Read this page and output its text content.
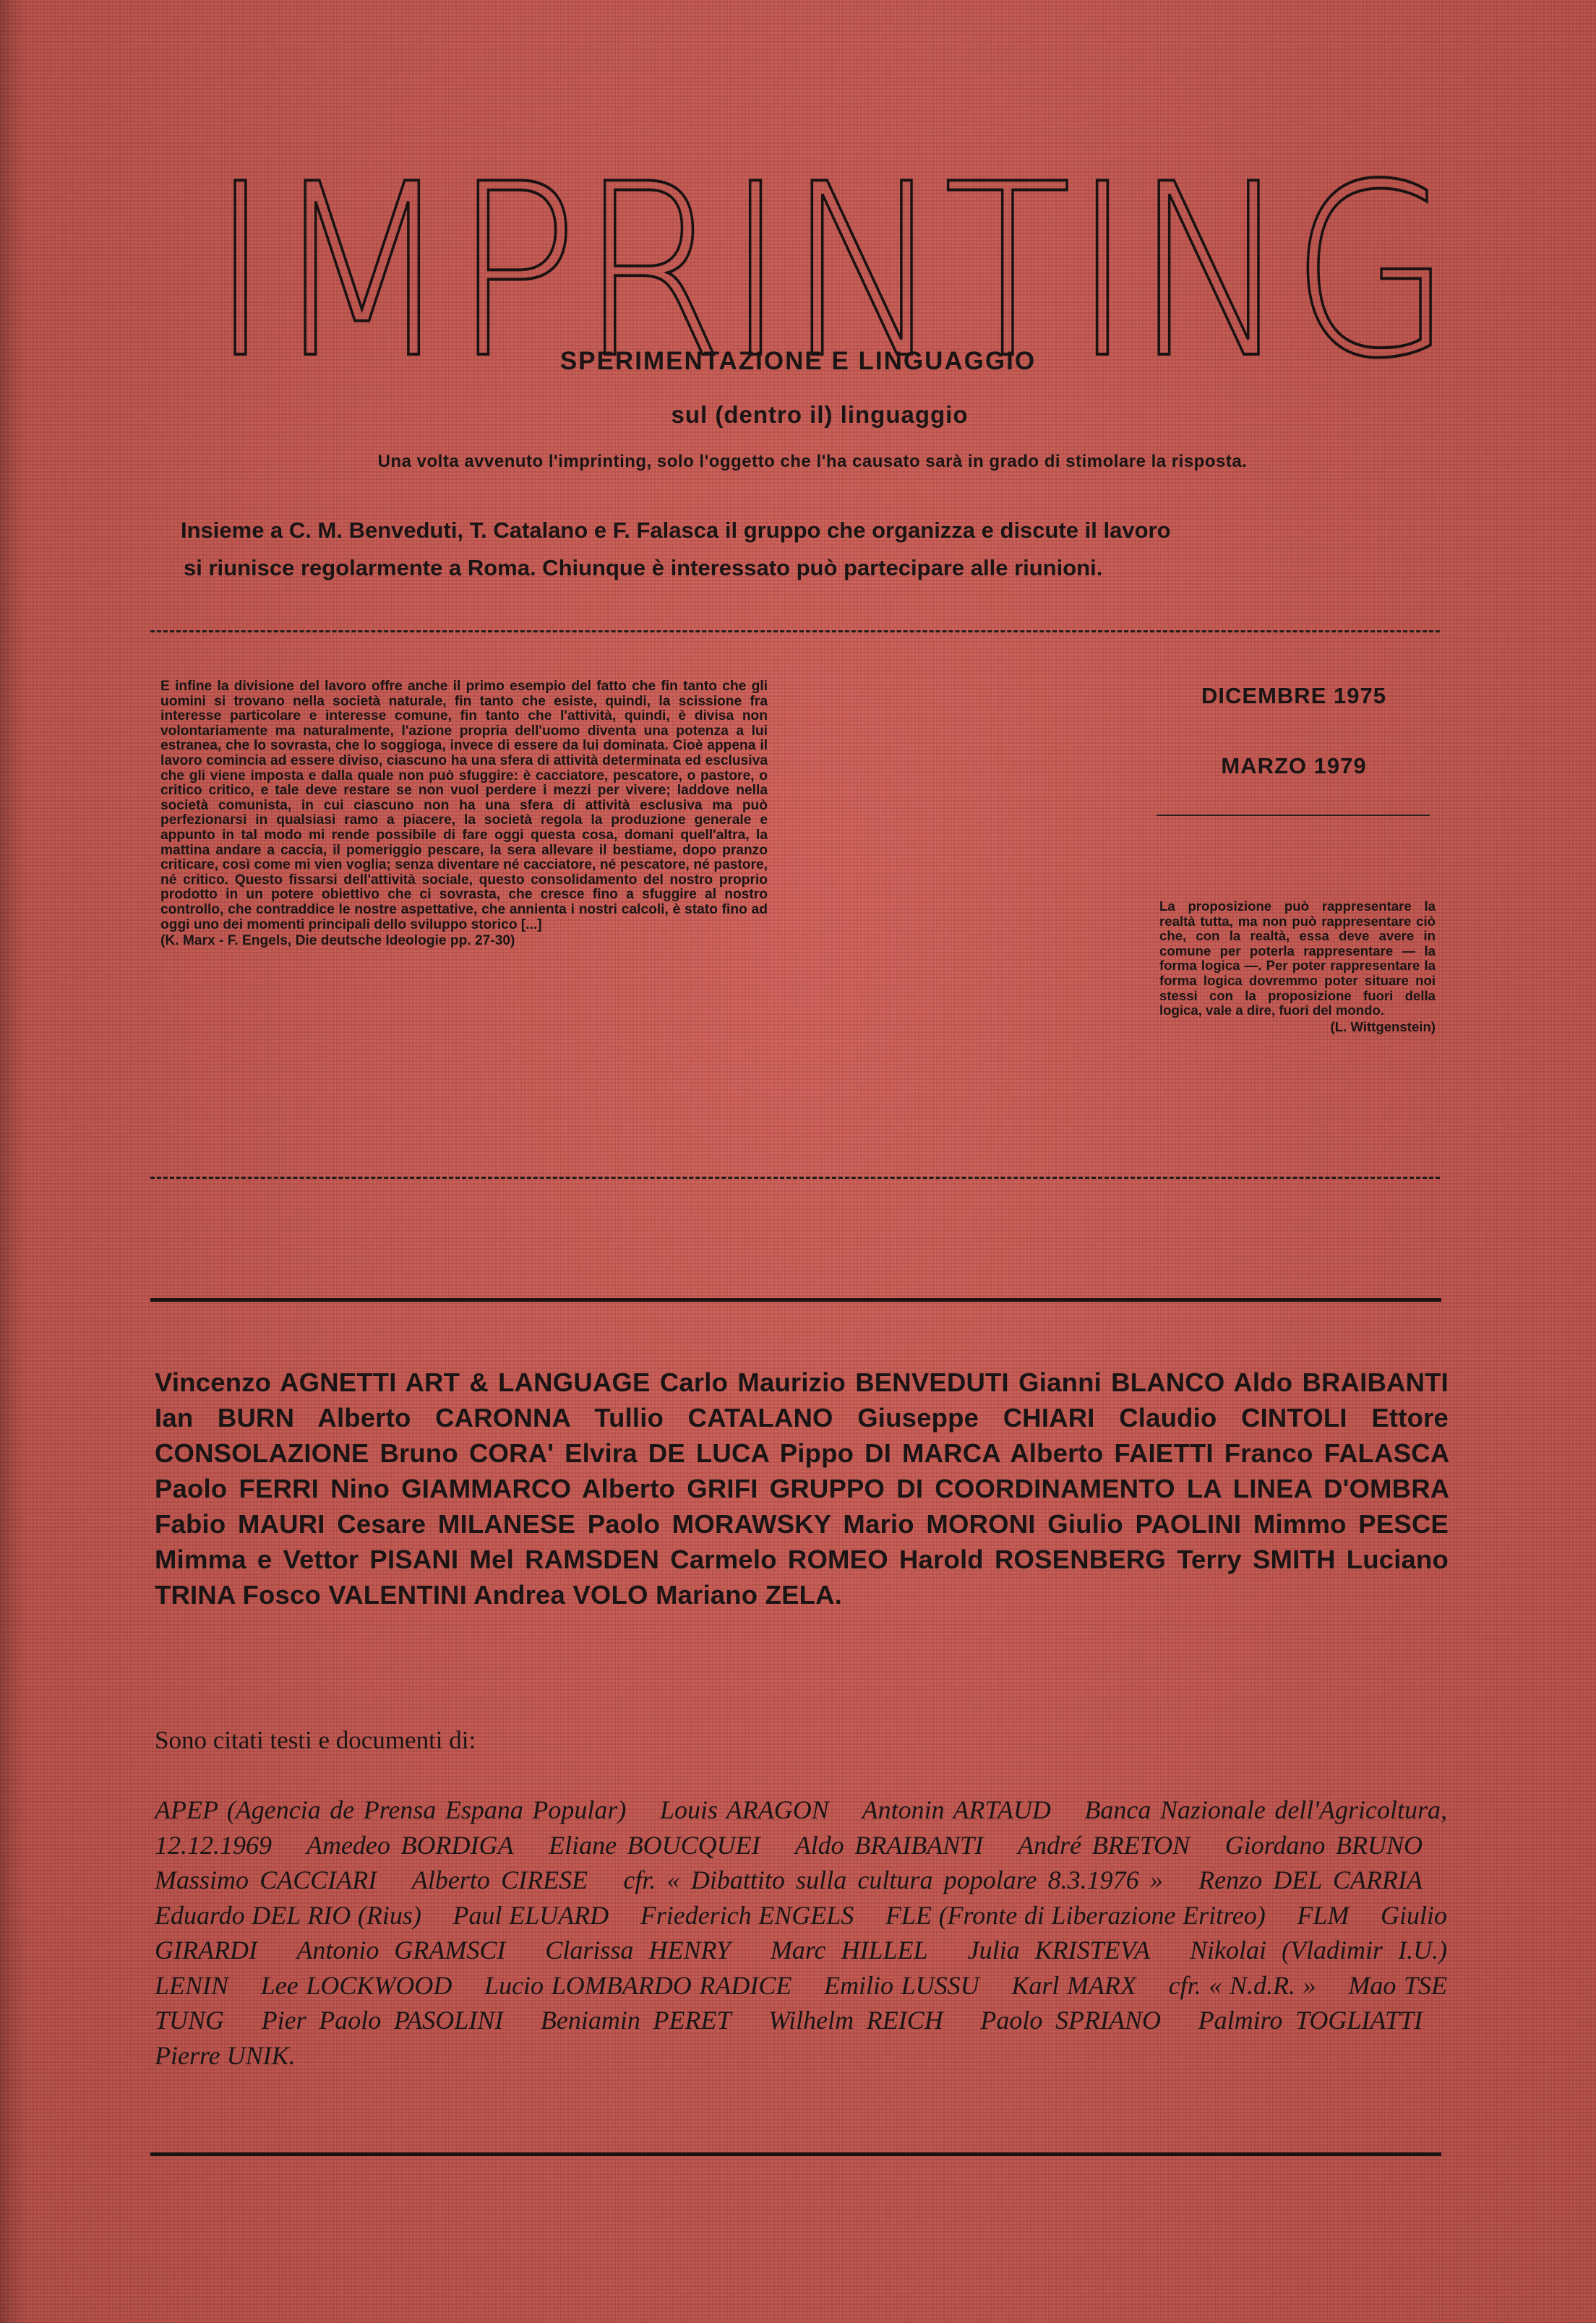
IMPRINTING
SPERIMENTAZIONE E LINGUAGGIO
sul (dentro il) linguaggio
Una volta avvenuto l'imprinting, solo l'oggetto che l'ha causato sarà in grado di stimolare la risposta.
Insieme a C. M. Benveduti, T. Catalano e F. Falasca il gruppo che organizza e discute il lavoro
si riunisce regolarmente a Roma. Chiunque è interessato può partecipare alle riunioni.
E infine la divisione del lavoro offre anche il primo esempio del fatto che fin tanto che gli uomini si trovano nella società naturale, fin tanto che esiste, quindi, la scissione fra interesse particolare e interesse comune, fin tanto che l'attività, quindi, è divisa non volontariamente ma naturalmente, l'azione propria dell'uomo diventa una potenza a lui estranea, che lo sovrasta, che lo soggioga, invece di essere da lui dominata. Cioè appena il lavoro comincia ad essere diviso, ciascuno ha una sfera di attività determinata ed esclusiva che gli viene imposta e dalla quale non può sfuggire: è cacciatore, pescatore, o pastore, o critico critico, e tale deve restare se non vuol perdere i mezzi per vivere; laddove nella società comunista, in cui ciascuno non ha una sfera di attività esclusiva ma può perfezionarsi in qualsiasi ramo a piacere, la società regola la produzione generale e appunto in tal modo mi rende possibile di fare oggi questa cosa, domani quell'altra, la mattina andare a caccia, il pomeriggio pescare, la sera allevare il bestiame, dopo pranzo criticare, così come mi vien voglia; senza diventare né cacciatore, né pescatore, né pastore, né critico. Questo fissarsi dell'attività sociale, questo consolidamento del nostro proprio prodotto in un potere obiettivo che ci sovrasta, che cresce fino a sfuggire al nostro controllo, che contraddice le nostre aspettative, che annienta i nostri calcoli, è stato fino ad oggi uno dei momenti principali dello sviluppo storico [...]
(K. Marx - F. Engels, Die deutsche Ideologie pp. 27-30)
DICEMBRE 1975
MARZO 1979
La proposizione può rappresentare la realtà tutta, ma non può rappresentare ciò che, con la realtà, essa deve avere in comune per poterla rappresentare — la forma logica —. Per poter rappresentare la forma logica dovremmo poter situare noi stessi con la proposizione fuori della logica, vale a dire, fuori del mondo.
(L. Wittgenstein)
Vincenzo AGNETTI ART & LANGUAGE Carlo Maurizio BENVEDUTI Gianni BLANCO Aldo BRAIBANTI Ian BURN Alberto CARONNA Tullio CATALANO Giuseppe CHIARI Claudio CINTOLI Ettore CONSOLAZIONE Bruno CORA' Elvira DE LUCA Pippo DI MARCA Alberto FAIETTI Franco FALASCA Paolo FERRI Nino GIAMMARCO Alberto GRIFI GRUPPO DI COORDINAMENTO LA LINEA D'OMBRA Fabio MAURI Cesare MILANESE Paolo MORAWSKY Mario MORONI Giulio PAOLINI Mimmo PESCE Mimma e Vettor PISANI Mel RAMSDEN Carmelo ROMEO Harold ROSENBERG Terry SMITH Luciano TRINA Fosco VALENTINI Andrea VOLO Mariano ZELA.
Sono citati testi e documenti di:
APEP (Agencia de Prensa Espana Popular) Louis ARAGON Antonin ARTAUD Banca Nazionale dell'Agricoltura, 12.12.1969 Amedeo BORDIGA Eliane BOUCQUEI Aldo BRAIBANTI André BRETON Giordano BRUNO Massimo CACCIARI Alberto CIRESE cfr. « Dibattito sulla cultura popolare 8.3.1976 » Renzo DEL CARRIA Eduardo DEL RIO (Rius) Paul ELUARD Friederich ENGELS FLE (Fronte di Liberazione Eritreo) FLM Giulio GIRARDI Antonio GRAMSCI Clarissa HENRY Marc HILLEL Julia KRISTEVA Nikolai (Vladimir I.U.) LENIN Lee LOCKWOOD Lucio LOMBARDO RADICE Emilio LUSSU Karl MARX cfr. « N.d.R. » Mao TSE TUNG Pier Paolo PASOLINI Beniamin PERET Wilhelm REICH Paolo SPRIANO Palmiro TOGLIATTI Pierre UNIK.
